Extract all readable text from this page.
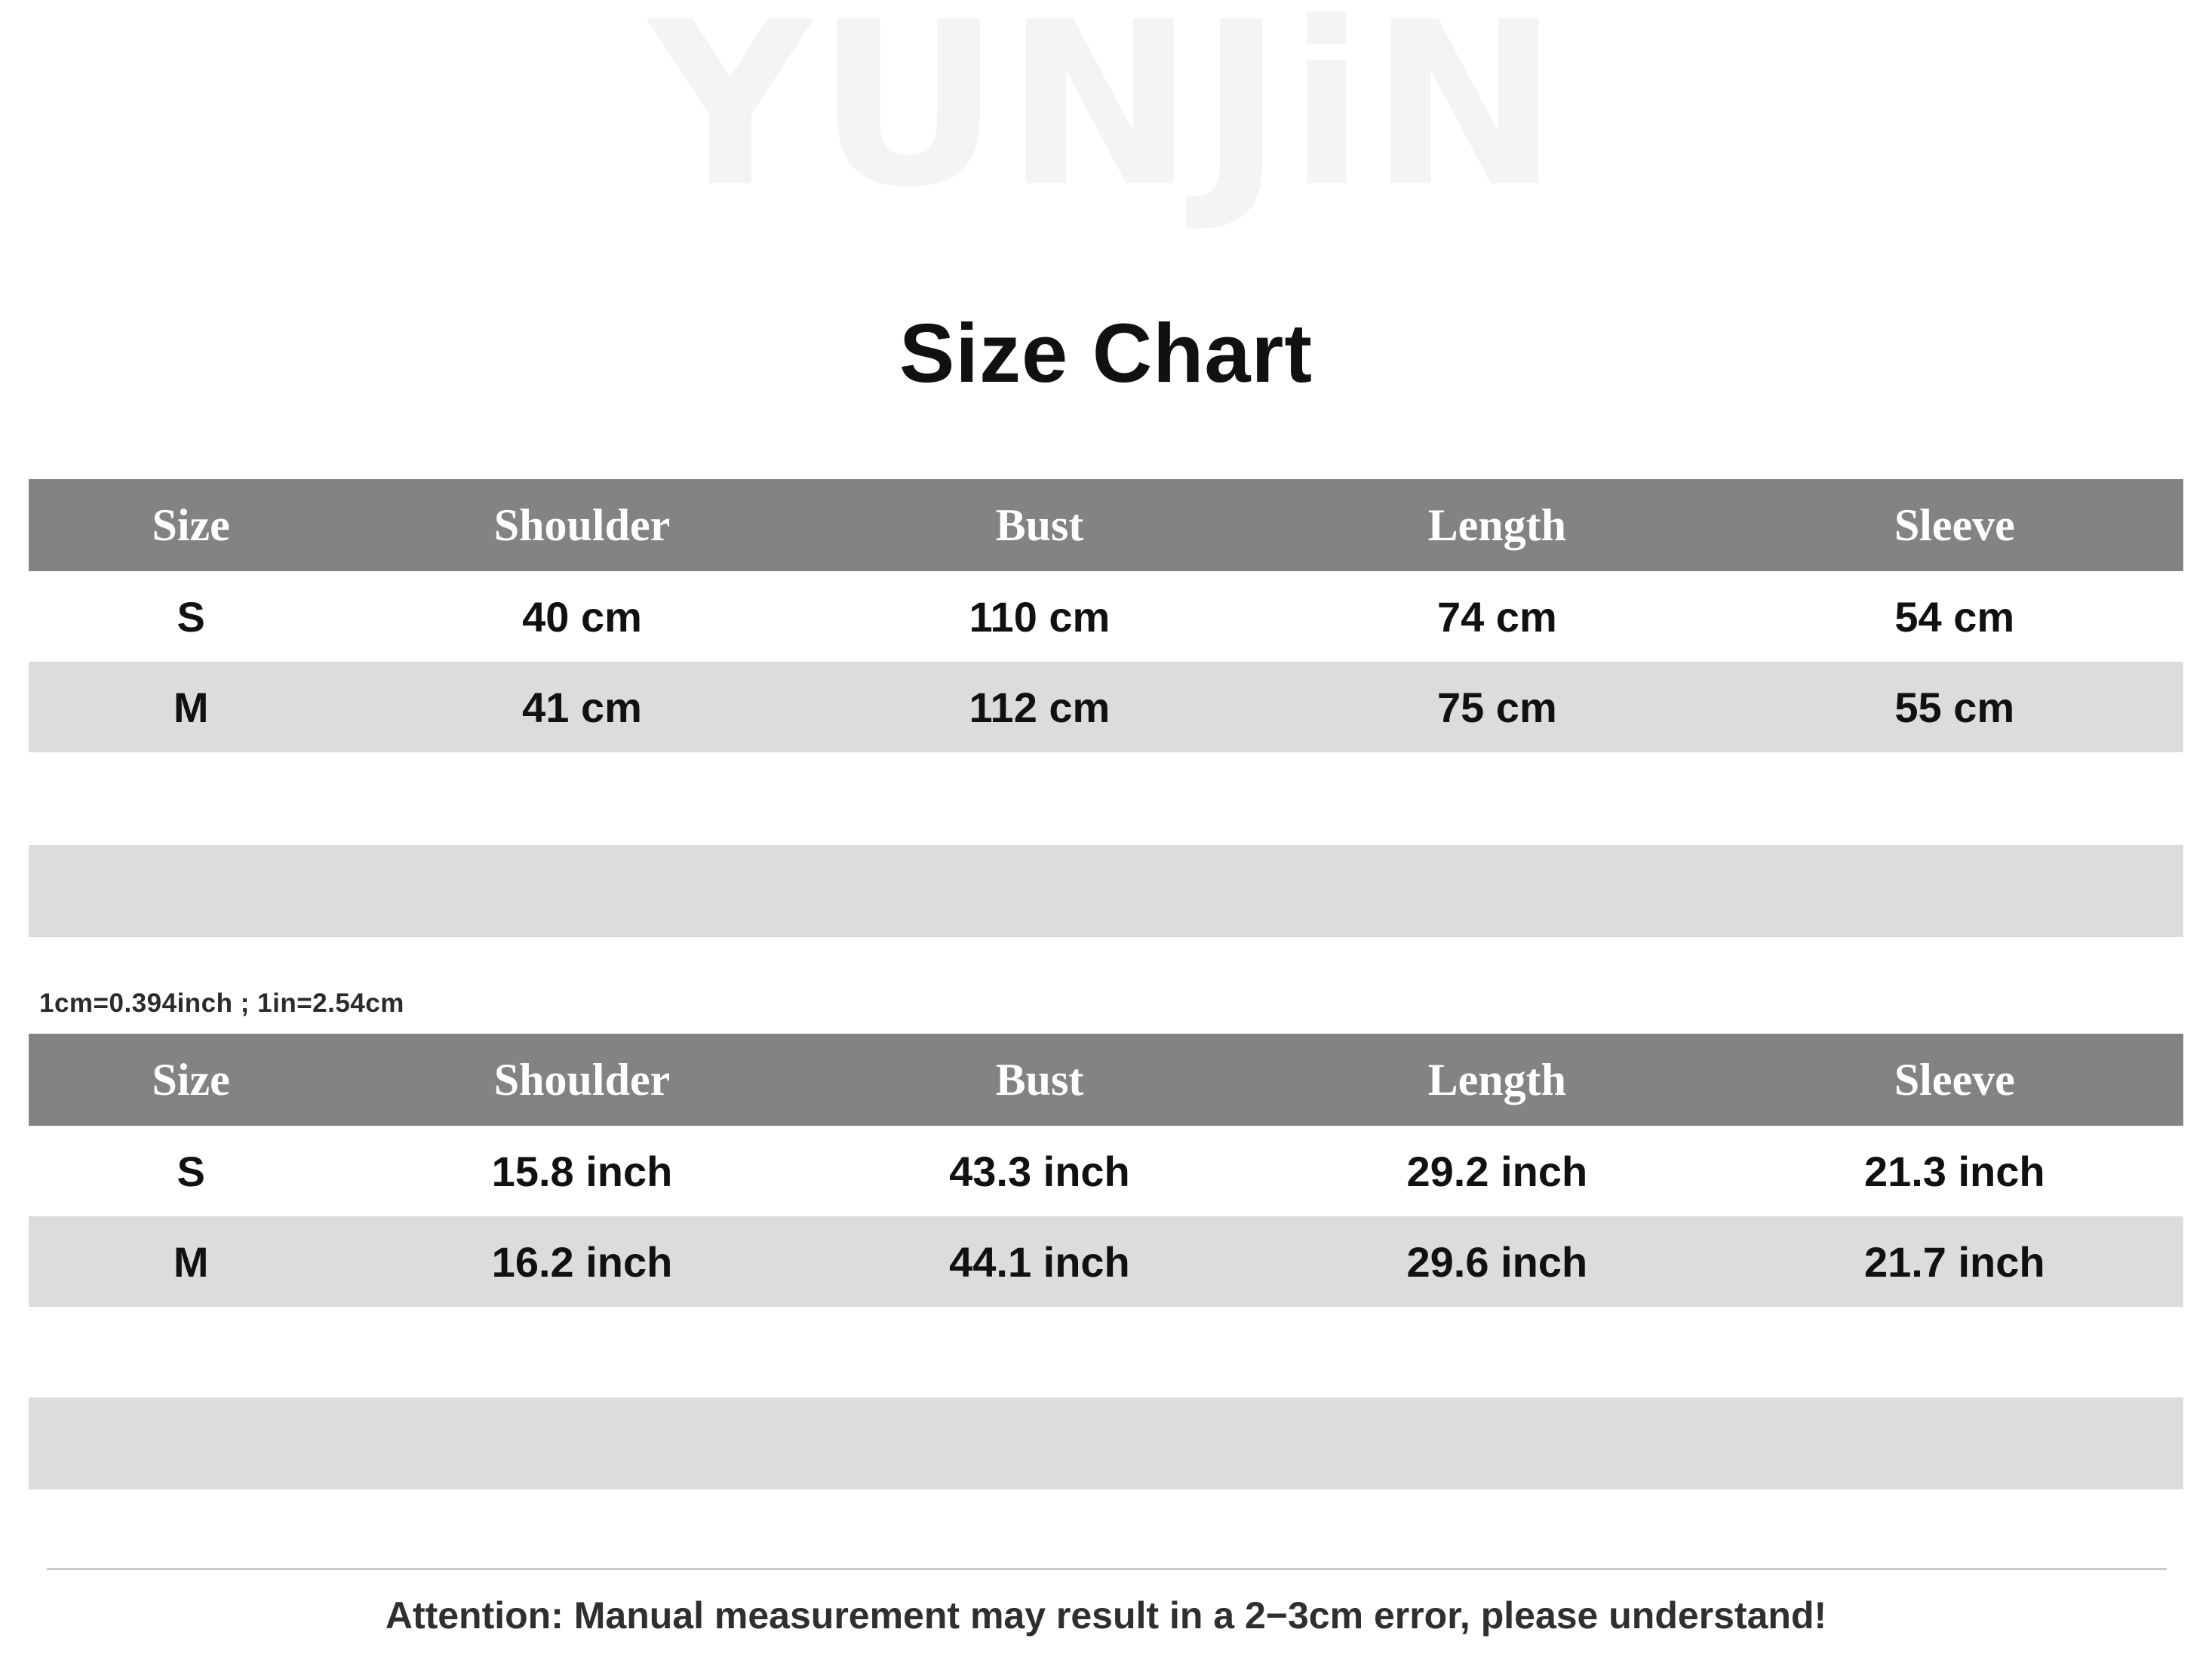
YUNJiN
Size Chart
Size	Shoulder	Bust	Length	Sleeve
S	40 cm	110 cm	74 cm	54 cm
M	41 cm	112 cm	75 cm	55 cm
1cm=0.394inch ; 1in=2.54cm
Size	Shoulder	Bust	Length	Sleeve
S	15.8 inch	43.3 inch	29.2 inch	21.3 inch
M	16.2 inch	44.1 inch	29.6 inch	21.7 inch
Attention: Manual measurement may result in a 2−3cm error, please understand!
